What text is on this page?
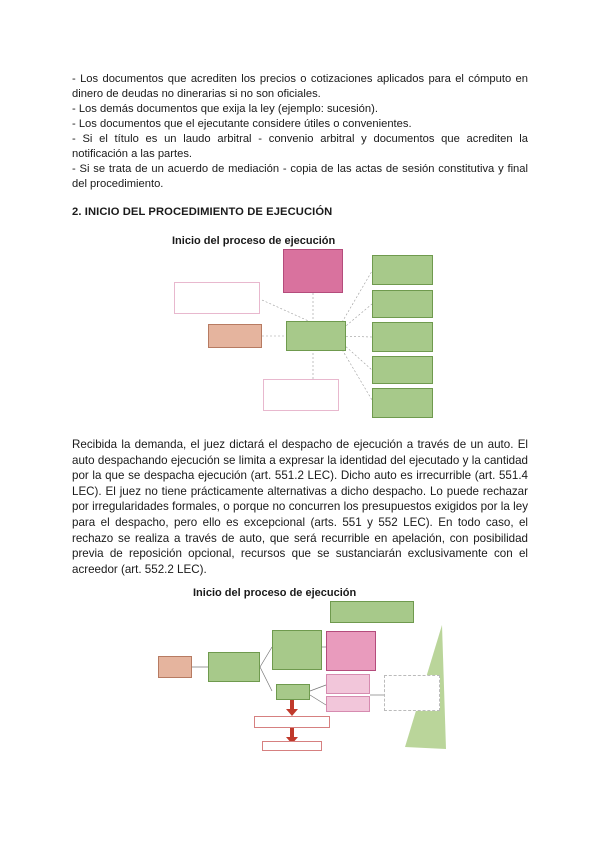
- Los documentos que acrediten los precios o cotizaciones aplicados para el cómputo en dinero de deudas no dinerarias si no son oficiales.
- Los demás documentos que exija la ley (ejemplo: sucesión).
- Los documentos que el ejecutante considere útiles o convenientes.
- Si el título es un laudo arbitral - convenio arbitral y documentos que acrediten la notificación a las partes.
- Si se trata de un acuerdo de mediación - copia de las actas de sesión constitutiva y final del procedimiento.
2. INICIO DEL PROCEDIMIENTO DE EJECUCIÓN
Inicio del proceso de ejecución
Recibida la demanda, el juez dictará el despacho de ejecución a través de un auto. El auto despachando ejecución se limita a expresar la identidad del ejecutado y la cantidad por la que se despacha ejecución (art. 551.2 LEC). Dicho auto es irrecurrible (art. 551.4 LEC). El juez no tiene prácticamente alternativas a dicho despacho. Lo puede rechazar por irregularidades formales, o porque no concurren los presupuestos exigidos por la ley para el despacho, pero ello es excepcional (arts. 551 y 552 LEC). En todo caso, el rechazo se realiza a través de auto, que será recurrible en apelación, con posibilidad previa de reposición opcional, recursos que se sustanciarán exclusivamente con el acreedor (art. 552.2 LEC).
Inicio del proceso de ejecución
